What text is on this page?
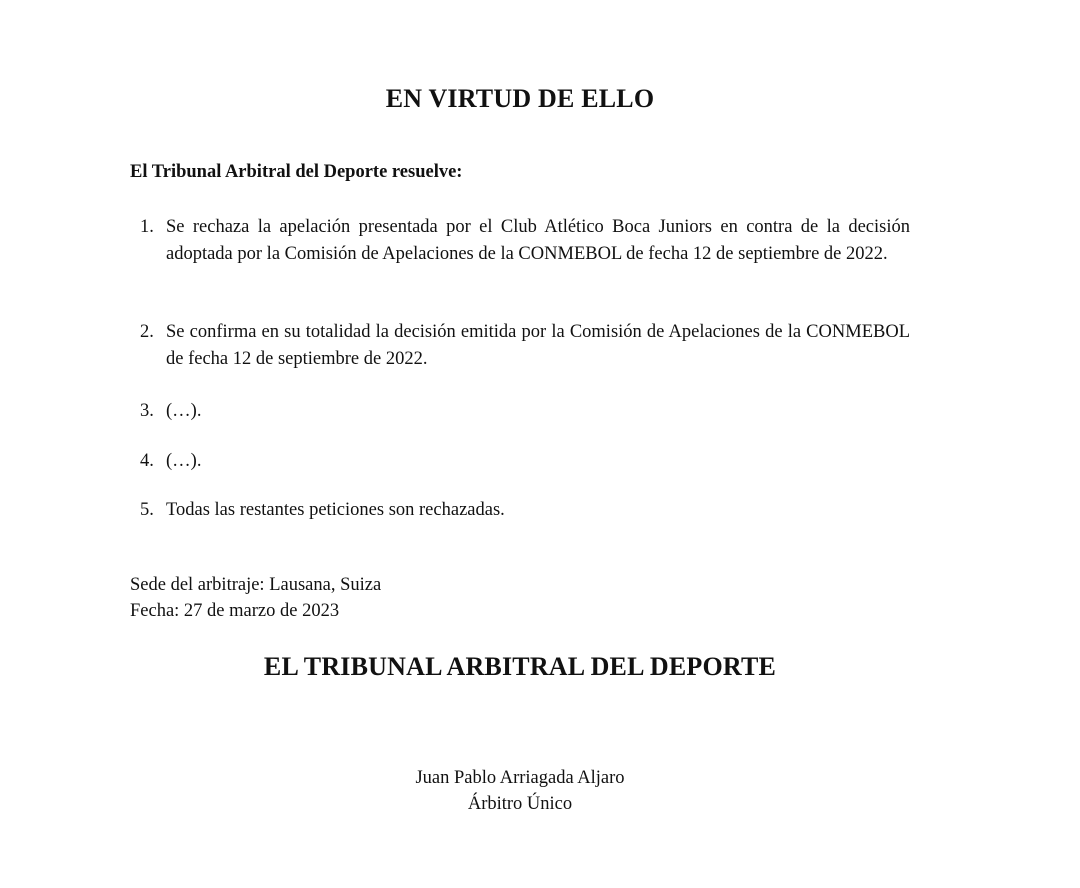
EN VIRTUD DE ELLO
El Tribunal Arbitral del Deporte resuelve:
1. Se rechaza la apelación presentada por el Club Atlético Boca Juniors en contra de la decisión adoptada por la Comisión de Apelaciones de la CONMEBOL de fecha 12 de septiembre de 2022.
2. Se confirma en su totalidad la decisión emitida por la Comisión de Apelaciones de la CONMEBOL de fecha 12 de septiembre de 2022.
3. (…).
4. (…).
5. Todas las restantes peticiones son rechazadas.
Sede del arbitraje: Lausana, Suiza
Fecha: 27 de marzo de 2023
EL TRIBUNAL ARBITRAL DEL DEPORTE
Juan Pablo Arriagada Aljaro
Árbitro Único
